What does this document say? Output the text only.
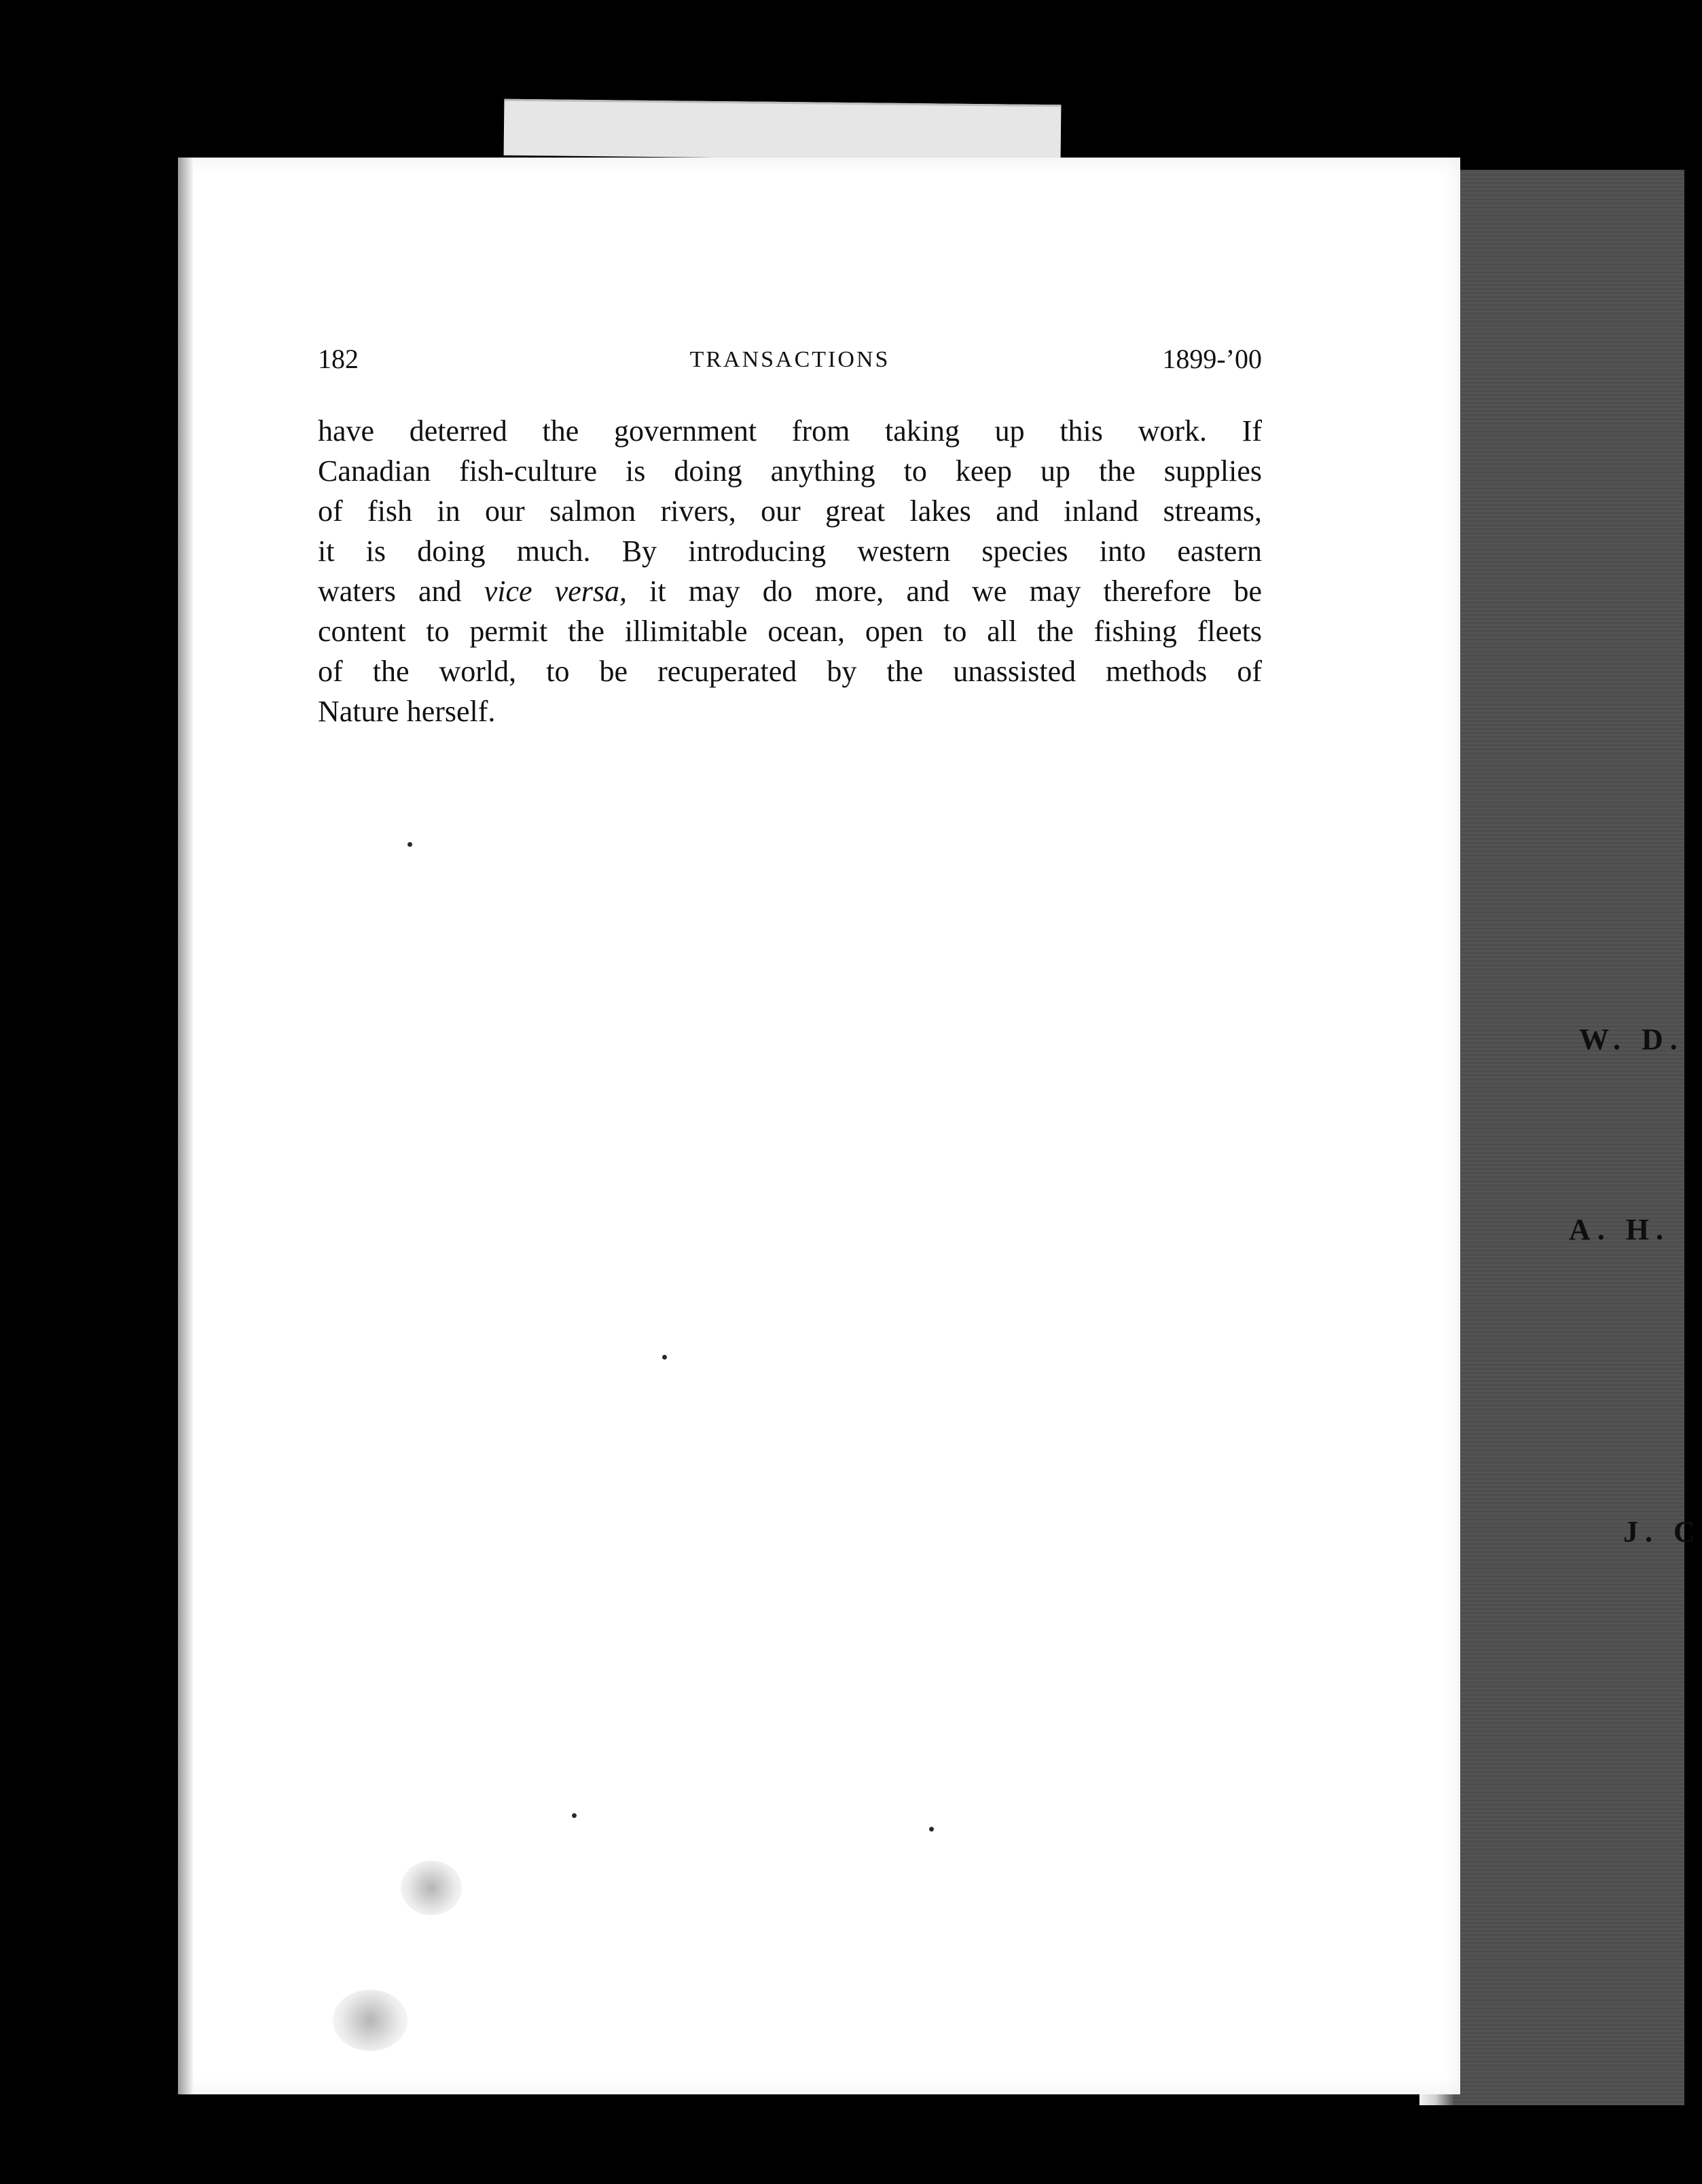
W. D.
A. H.
J. C
182	TRANSACTIONS	1899-’00
have deterred the government from taking up this work. If
Canadian fish-culture is doing anything to keep up the supplies
of fish in our salmon rivers, our great lakes and inland streams,
it is doing much. By introducing western species into eastern
waters and vice versa, it may do more, and we may therefore be
content to permit the illimitable ocean, open to all the fishing fleets
of the world, to be recuperated by the unassisted methods of
Nature herself.
